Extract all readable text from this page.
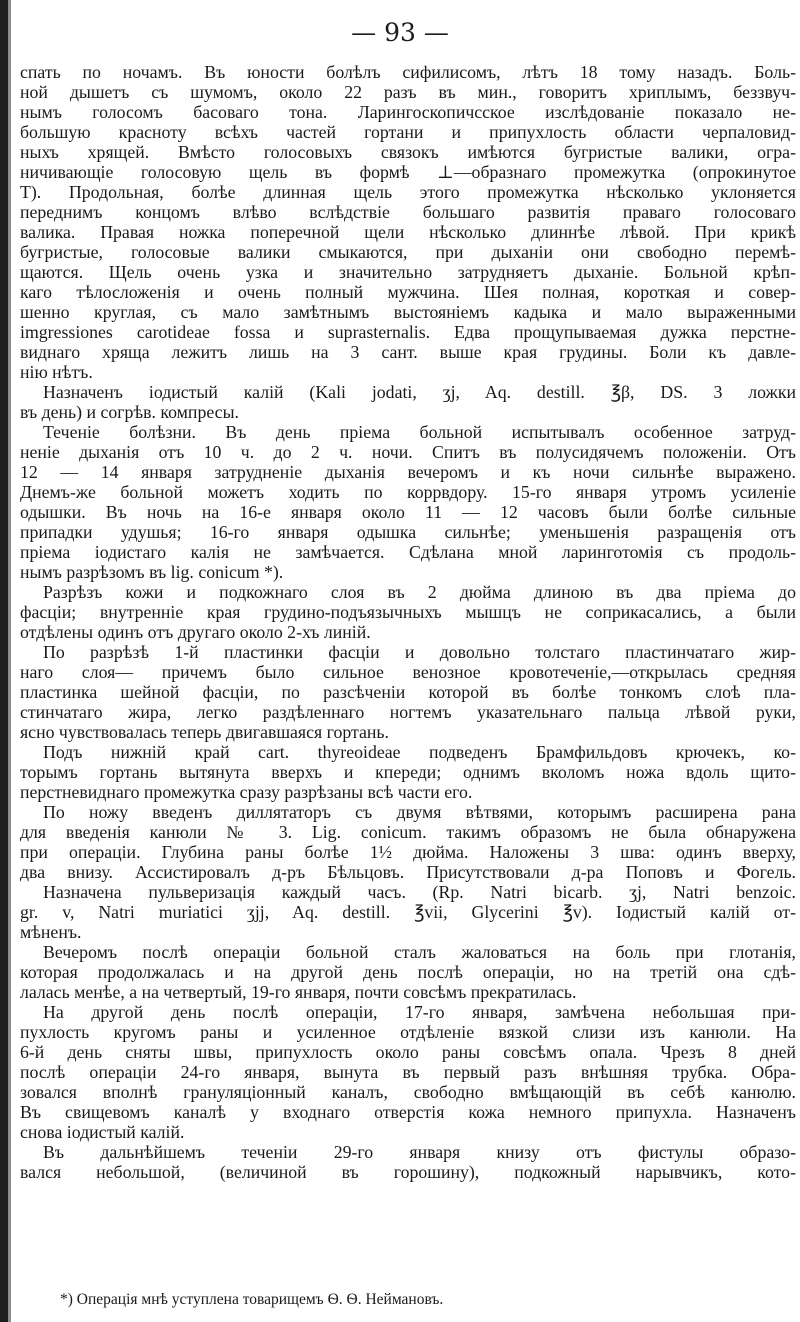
— 93 —
спать по ночамъ. Въ юности болѣлъ сифилисомъ, лѣтъ 18 тому назадъ. Боль-
ной дышетъ съ шумомъ, около 22 разъ въ мин., говоритъ хриплымъ, беззвуч-
нымъ голосомъ басоваго тона. Ларингоскопичсское изслѣдованіе показало не-
большую красноту всѣхъ частей гортани и припухлость области черпаловид-
ныхъ хрящей. Вмѣсто голосовыхъ связокъ имѣются бугристые валики, огра-
ничивающіе голосовую щель въ формѣ ⊥—образнаго промежутка (опрокинутое
Т). Продольная, болѣе длинная щель этого промежутка нѣсколько уклоняется
переднимъ концомъ влѣво вслѣдствіе большаго развитія праваго голосоваго
валика. Правая ножка поперечной щели нѣсколько длиннѣе лѣвой. При крикѣ
бугристые, голосовые валики смыкаются, при дыханіи они свободно перемѣ-
щаются. Щель очень узка и значительно затрудняетъ дыханіе. Больной крѣп-
каго тѣлосложенія и очень полный мужчина. Шея полная, короткая и совер-
шенно круглая, съ мало замѣтнымъ выстояніемъ кадыка и мало выраженными
imgressiones carotideae fossa и suprasternalis. Едва прощупываемая дужка перстне-
виднаго хряща лежитъ лишь на 3 сант. выше края грудины. Боли къ давле-
нію нѣтъ.
Назначенъ іодистый калій (Kali jodati, ʒj, Aq. destill. ℥β, DS. 3 ложки
въ день) и согрѣв. компресы.
Теченіе болѣзни. Въ день пріема больной испытывалъ особенное затруд-
неніе дыханія отъ 10 ч. до 2 ч. ночи. Спитъ въ полусидячемъ положеніи. Отъ
12 — 14 января затрудненіе дыханія вечеромъ и къ ночи сильнѣе выражено.
Днемъ-же больной можетъ ходить по коррвдору. 15-го января утромъ усиленіе
одышки. Въ ночь на 16-е января около 11 — 12 часовъ были болѣе сильные
припадки удушья; 16-го января одышка сильнѣе; уменьшенія разращенія отъ
пріема іодистаго калія не замѣчается. Сдѣлана мной ларинготомія съ продоль-
нымъ разрѣзомъ въ lig. conicum *).
Разрѣзъ кожи и подкожнаго слоя въ 2 дюйма длиною въ два пріема до
фасціи; внутренніе края грудино-подъязычныхъ мышцъ не соприкасались, а были
отдѣлены одинъ отъ другаго около 2-хъ линій.
По разрѣзѣ 1-й пластинки фасціи и довольно толстаго пластинчатаго жир-
наго слоя— причемъ было сильное венозное кровотеченіе,—открылась средняя
пластинка шейной фасціи, по разсѣченіи которой въ болѣе тонкомъ слоѣ пла-
стинчатаго жира, легко раздѣленнаго ногтемъ указательнаго пальца лѣвой руки,
ясно чувствовалась теперь двигавшаяся гортань.
Подъ нижній край cart. thyreoideae подведенъ Брамфильдовъ крючекъ, ко-
торымъ гортань вытянута вверхъ и кпереди; однимъ вколомъ ножа вдоль щито-
перстневиднаго промежутка сразу разрѣзаны всѣ части его.
По ножу введенъ диллятаторъ съ двумя вѣтвями, которымъ расширена рана
для введенія канюли № 3. Lig. conicum. такимъ образомъ не была обнаружена
при операціи. Глубина раны болѣе 1½ дюйма. Наложены 3 шва: одинъ вверху,
два внизу. Ассистировалъ д-ръ Бѣльцовъ. Присутствовали д-ра Поповъ и Фогель.
Назначена пульверизація каждый часъ. (Rp. Natri bicarb. ʒj, Natri benzoic.
gr. v, Natri muriatici ʒjj, Aq. destill. ℥vii, Glycerini ℥v). Іодистый калій от-
мѣненъ.
Вечеромъ послѣ операціи больной сталъ жаловаться на боль при глотанія,
которая продолжалась и на другой день послѣ операціи, но на третій она сдѣ-
лалась менѣе, а на четвертый, 19-го января, почти совсѣмъ прекратилась.
На другой день послѣ операціи, 17-го января, замѣчена небольшая при-
пухлость кругомъ раны и усиленное отдѣленіе вязкой слизи изъ канюли. На
6-й день сняты швы, припухлость около раны совсѣмъ опала. Чрезъ 8 дней
послѣ операціи 24-го января, вынута въ первый разъ внѣшняя трубка. Обра-
зовался вполнѣ грануляціонный каналъ, свободно вмѣщающій въ себѣ канюлю.
Въ свищевомъ каналѣ у входнаго отверстія кожа немного припухла. Назначенъ
снова іодистый калій.
Въ дальнѣйшемъ теченіи 29-го января книзу отъ фистулы образо-
вался небольшой, (величиной въ горошину), подкожный нарывчикъ, кото-
*) Операція мнѣ уступлена товарищемъ Ѳ. Ѳ. Неймановъ.
